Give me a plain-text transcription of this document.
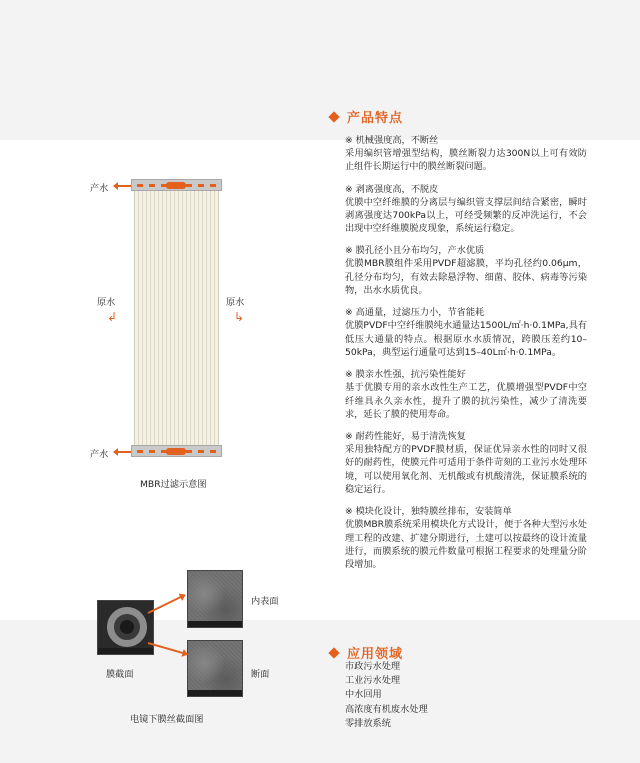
产品特点
※ 机械强度高，不断丝
采用编织管增强型结构，膜丝断裂力达300N以上可有效防止组件长期运行中的膜丝断裂问题。
※ 剥离强度高，不脱皮
优膜中空纤维膜的分离层与编织管支撑层间结合紧密，瞬时剥离强度达700kPa以上，可经受频繁的反冲洗运行，不会出现中空纤维膜脱皮现象，系统运行稳定。
※ 膜孔径小且分布均匀，产水优质
优膜MBR膜组件采用PVDF超滤膜，平均孔径约0.06μm，孔径分布均匀，有效去除悬浮物、细菌、胶体、病毒等污染物，出水水质优良。
※ 高通量，过滤压力小，节省能耗
优膜PVDF中空纤维膜纯水通量达1500L/㎡·h·0.1MPa,具有低压大通量的特点。根据原水水质情况，跨膜压差约10–50kPa，典型运行通量可达到15–40L㎡·h·0.1MPa。
※ 膜亲水性强，抗污染性能好
基于优膜专用的亲水改性生产工艺，优膜增强型PVDF中空纤维具永久亲水性，提升了膜的抗污染性，减少了清洗要求，延长了膜的使用寿命。
※ 耐药性能好，易于清洗恢复
采用独特配方的PVDF膜材质，保证优异亲水性的同时又很好的耐药性，使膜元件可适用于条件苛刻的工业污水处理环境，可以使用氧化剂、无机酸或有机酸清洗，保证膜系统的稳定运行。
※ 模块化设计，独特膜丝排布，安装简单
优膜MBR膜系统采用模块化方式设计，便于各种大型污水处理工程的改建、扩建分期进行，土建可以按最终的设计流量进行，而膜系统的膜元件数量可根据工程要求的处理量分阶段增加。
应用领域
市政污水处理
工业污水处理
中水回用
高浓度有机废水处理
零排放系统
产水
产水
原水
↲
原水
↳
MBR过滤示意图
膜截面
内表面
断面
电镜下膜丝截面图
